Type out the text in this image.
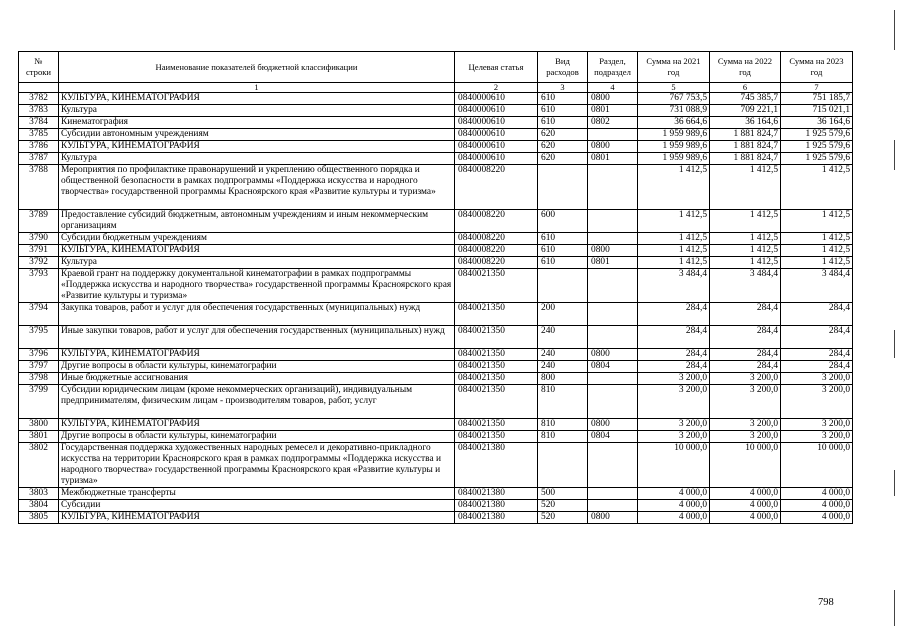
№ строки	Наименование показателей бюджетной классификации	Целевая статья	Вид расходов	Раздел, подраздел	Сумма на 2021 год	Сумма на 2022 год	Сумма на 2023 год
	1	2	3	4	5	6	7
3782	КУЛЬТУРА, КИНЕМАТОГРАФИЯ	0840000610	610	0800	767 753,5	745 385,7	751 185,7
3783	Культура	0840000610	610	0801	731 088,9	709 221,1	715 021,1
3784	Кинематография	0840000610	610	0802	36 664,6	36 164,6	36 164,6
3785	Субсидии автономным учреждениям	0840000610	620		1 959 989,6	1 881 824,7	1 925 579,6
3786	КУЛЬТУРА, КИНЕМАТОГРАФИЯ	0840000610	620	0800	1 959 989,6	1 881 824,7	1 925 579,6
3787	Культура	0840000610	620	0801	1 959 989,6	1 881 824,7	1 925 579,6
3788	Мероприятия по профилактике правонарушений и укреплению общественного порядка и общественной безопасности в рамках подпрограммы «Поддержка искусства и народного творчества» государственной программы Красноярского края «Развитие культуры и туризма»	0840008220			1 412,5	1 412,5	1 412,5
3789	Предоставление субсидий бюджетным, автономным учреждениям и иным некоммерческим организациям	0840008220	600		1 412,5	1 412,5	1 412,5
3790	Субсидии бюджетным учреждениям	0840008220	610		1 412,5	1 412,5	1 412,5
3791	КУЛЬТУРА, КИНЕМАТОГРАФИЯ	0840008220	610	0800	1 412,5	1 412,5	1 412,5
3792	Культура	0840008220	610	0801	1 412,5	1 412,5	1 412,5
3793	Краевой грант на поддержку документальной кинематографии в рамках подпрограммы «Поддержка искусства и народного творчества» государственной программы Красноярского края «Развитие культуры и туризма»	0840021350			3 484,4	3 484,4	3 484,4
3794	Закупка товаров, работ и услуг для обеспечения государственных (муниципальных) нужд	0840021350	200		284,4	284,4	284,4
3795	Иные закупки товаров, работ и услуг для обеспечения государственных (муниципальных) нужд	0840021350	240		284,4	284,4	284,4
3796	КУЛЬТУРА, КИНЕМАТОГРАФИЯ	0840021350	240	0800	284,4	284,4	284,4
3797	Другие вопросы в области культуры, кинематографии	0840021350	240	0804	284,4	284,4	284,4
3798	Иные бюджетные ассигнования	0840021350	800		3 200,0	3 200,0	3 200,0
3799	Субсидии юридическим лицам (кроме некоммерческих организаций), индивидуальным предпринимателям, физическим лицам - производителям товаров, работ, услуг	0840021350	810		3 200,0	3 200,0	3 200,0
3800	КУЛЬТУРА, КИНЕМАТОГРАФИЯ	0840021350	810	0800	3 200,0	3 200,0	3 200,0
3801	Другие вопросы в области культуры, кинематографии	0840021350	810	0804	3 200,0	3 200,0	3 200,0
3802	Государственная поддержка художественных народных ремесел и декоративно-прикладного искусства на территории Красноярского края в рамках подпрограммы «Поддержка искусства и народного творчества» государственной программы Красноярского края «Развитие культуры и туризма»	0840021380			10 000,0	10 000,0	10 000,0
3803	Межбюджетные трансферты	0840021380	500		4 000,0	4 000,0	4 000,0
3804	Субсидии	0840021380	520		4 000,0	4 000,0	4 000,0
3805	КУЛЬТУРА, КИНЕМАТОГРАФИЯ	0840021380	520	0800	4 000,0	4 000,0	4 000,0
798
